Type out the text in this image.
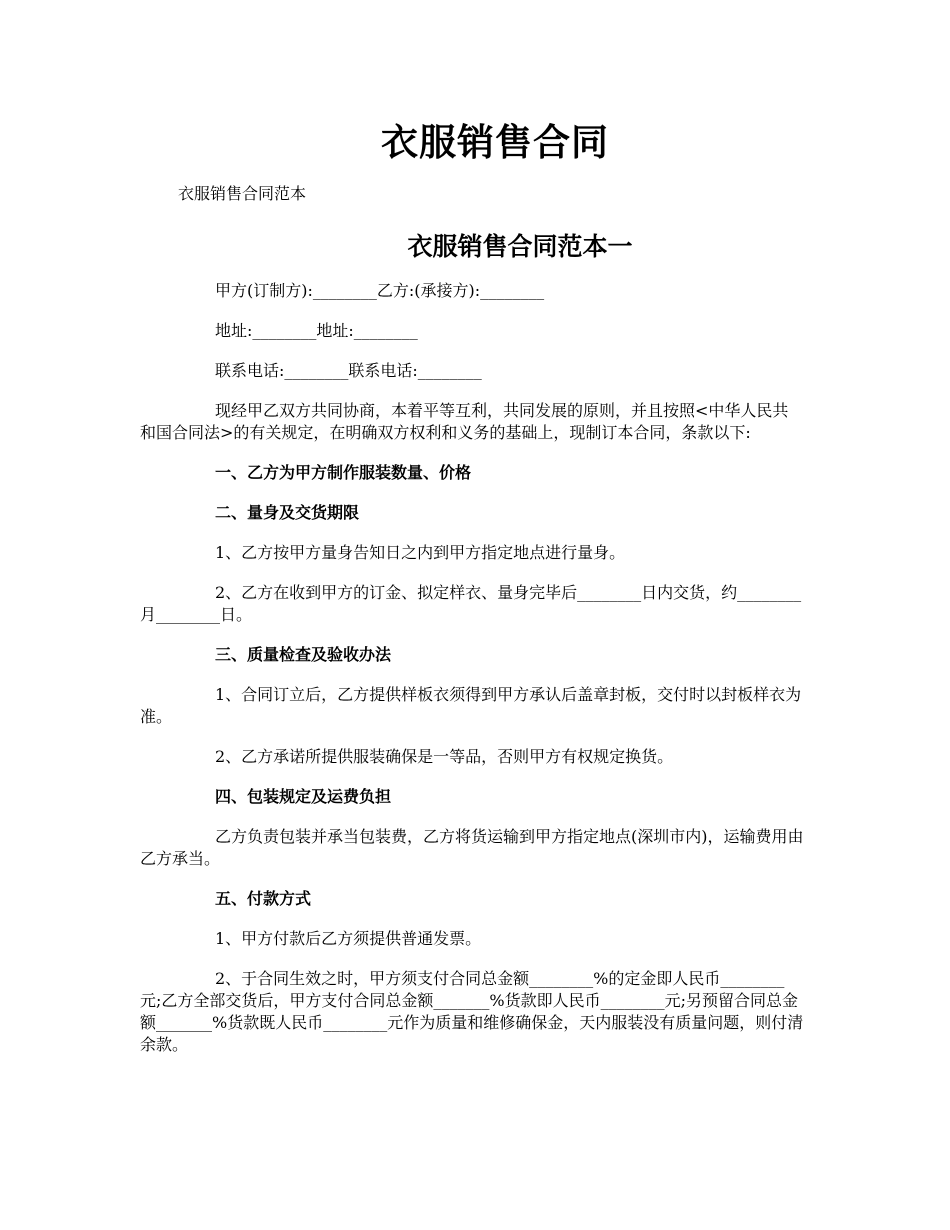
衣服销售合同
衣服销售合同范本
衣服销售合同范本一

甲方(订制方):________乙方:(承接方):________

地址:________地址:________

联系电话:________联系电话:________

现经甲乙双方共同协商，本着平等互利，共同发展的原则，并且按照<中华人民共和国合同法>的有关规定，在明确双方权利和义务的基础上，现制订本合同，条款以下:

一、乙方为甲方制作服装数量、价格

二、量身及交货期限

1、乙方按甲方量身告知日之内到甲方指定地点进行量身。

2、乙方在收到甲方的订金、拟定样衣、量身完毕后________日内交货，约________月________日。

三、质量检查及验收办法

1、合同订立后，乙方提供样板衣须得到甲方承认后盖章封板，交付时以封板样衣为准。

2、乙方承诺所提供服装确保是一等品，否则甲方有权规定换货。

四、包装规定及运费负担

乙方负责包装并承当包装费，乙方将货运输到甲方指定地点(深圳市内)，运输费用由乙方承当。

五、付款方式

1、甲方付款后乙方须提供普通发票。

2、于合同生效之时，甲方须支付合同总金额________%的定金即人民币________元;乙方全部交货后，甲方支付合同总金额_______%货款即人民币________元;另预留合同总金额_______%货款既人民币________元作为质量和维修确保金，天内服装没有质量问题，则付清余款。
